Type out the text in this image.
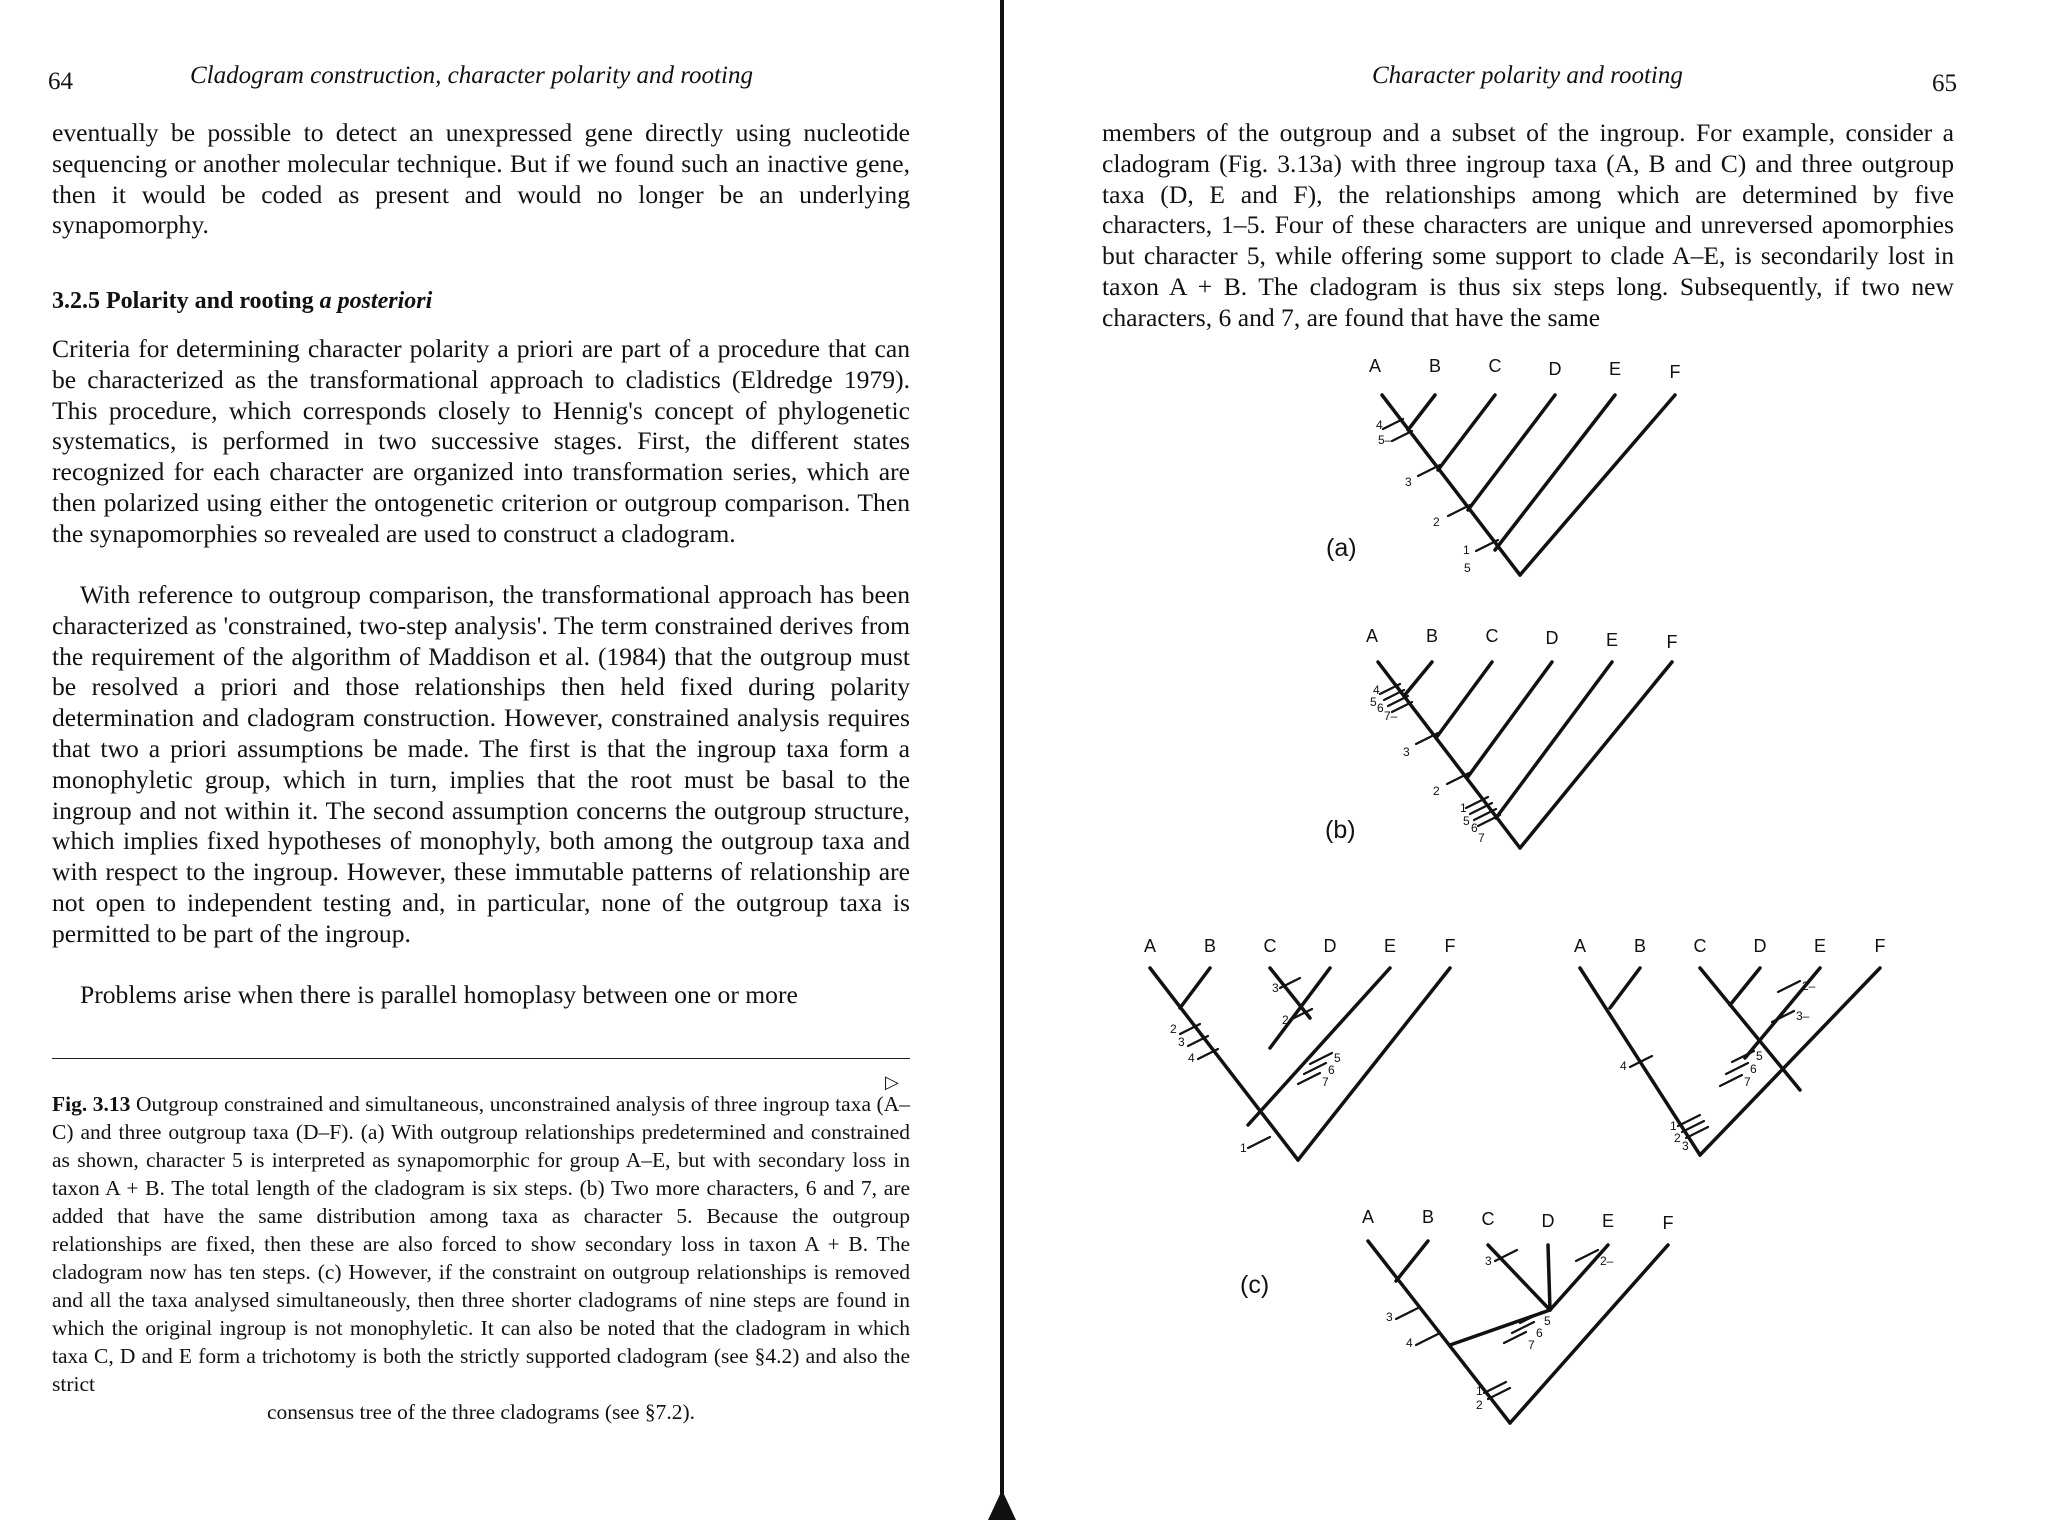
64	Cladogram construction, character polarity and rooting

eventually be possible to detect an unexpressed gene directly using nucleotide sequencing or another molecular technique. But if we found such an inactive gene, then it would be coded as present and would no longer be an underlying synapomorphy.

3.2.5 Polarity and rooting a posteriori

Criteria for determining character polarity a priori are part of a procedure that can be characterized as the transformational approach to cladistics (Eldredge 1979). This procedure, which corresponds closely to Hennig's concept of phylogenetic systematics, is performed in two successive stages. First, the different states recognized for each character are organized into transformation series, which are then polarized using either the ontogenetic criterion or outgroup comparison. Then the synapomorphies so revealed are used to construct a cladogram.

With reference to outgroup comparison, the transformational approach has been characterized as 'constrained, two-step analysis'. The term constrained derives from the requirement of the algorithm of Maddison et al. (1984) that the outgroup must be resolved a priori and those relationships then held fixed during polarity determination and cladogram construction. However, constrained analysis requires that two a priori assumptions be made. The first is that the ingroup taxa form a monophyletic group, which in turn, implies that the root must be basal to the ingroup and not within it. The second assumption concerns the outgroup structure, which implies fixed hypotheses of monophyly, both among the outgroup taxa and with respect to the ingroup. However, these immutable patterns of relationship are not open to independent testing and, in particular, none of the outgroup taxa is permitted to be part of the ingroup.

Problems arise when there is parallel homoplasy between one or more

▷

Fig. 3.13 Outgroup constrained and simultaneous, unconstrained analysis of three ingroup taxa (A–C) and three outgroup taxa (D–F). (a) With outgroup relationships predetermined and constrained as shown, character 5 is interpreted as synapomorphic for group A–E, but with secondary loss in taxon A + B. The total length of the cladogram is six steps. (b) Two more characters, 6 and 7, are added that have the same distribution among taxa as character 5. Because the outgroup relationships are fixed, then these are also forced to show secondary loss in taxon A + B. The cladogram now has ten steps. (c) However, if the constraint on outgroup relationships is removed and all the taxa analysed simultaneously, then three shorter cladograms of nine steps are found in which the original ingroup is not monophyletic. It can also be noted that the cladogram in which taxa C, D and E form a trichotomy is both the strictly supported cladogram (see §4.2) and also the strict
consensus tree of the three cladograms (see §7.2).

Character polarity and rooting	65

members of the outgroup and a subset of the ingroup. For example, consider a cladogram (Fig. 3.13a) with three ingroup taxa (A, B and C) and three outgroup taxa (D, E and F), the relationships among which are determined by five characters, 1–5. Four of these characters are unique and unreversed apomorphies but character 5, while offering some support to clade A–E, is secondarily lost in taxon A + B. The cladogram is thus six steps long. Subsequently, if two new characters, 6 and 7, are found that have the same

A	B	C	D	E	F
4
5–
3
2
1
5
(a)
A	B	C	D	E	F
4
5 6
7–
3
2
1
5 6
7
(b)
A	B	C	D	E	F
2
3
4
3
2
5
6
7
1
A	B	C	D	E	F
4
2–
3–
5
6
7
1
2
3
(c)
A	B	C	D	E	F
3
4
3	2–
5
6
7
1
2
